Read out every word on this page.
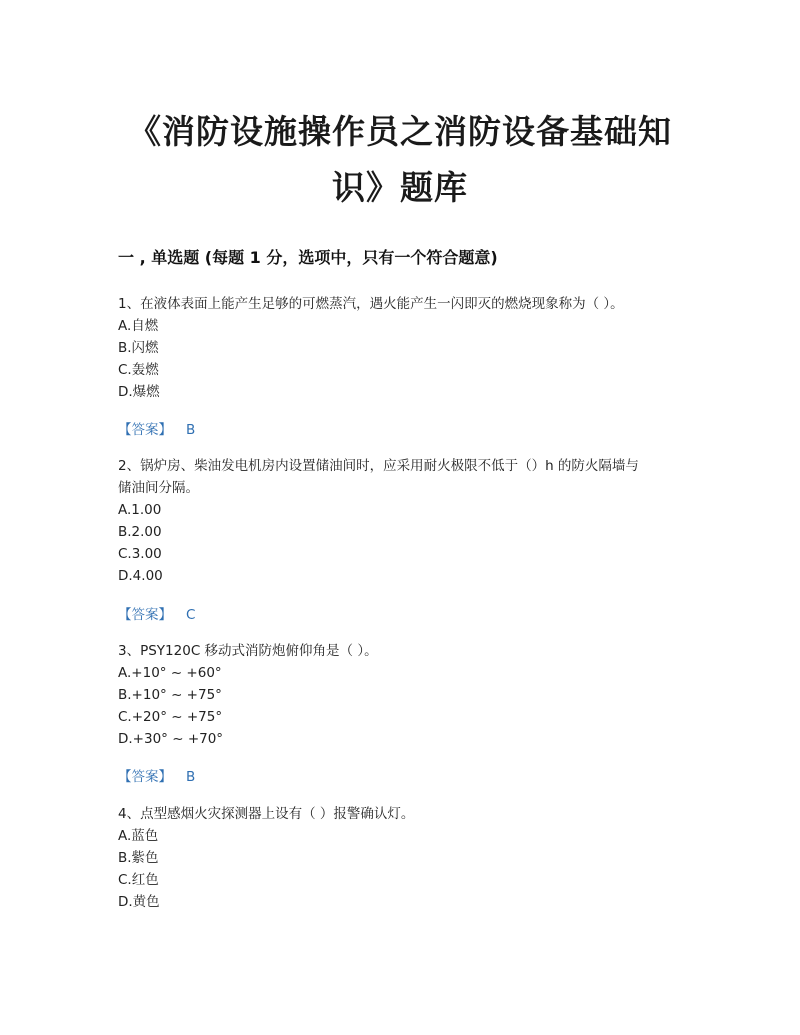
《消防设施操作员之消防设备基础知
识》题库
一 , 单选题 (每题 1 分，选项中，只有一个符合题意)

1、在液体表面上能产生足够的可燃蒸汽，遇火能产生一闪即灭的燃烧现象称为（ ）。

A.自燃

B.闪燃

C.轰燃

D.爆燃

【答案】 B

2、锅炉房、柴油发电机房内设置储油间时，应采用耐火极限不低于（）h 的防火隔墙与

储油间分隔。

A.1.00

B.2.00

C.3.00

D.4.00

【答案】 C

3、PSY120C 移动式消防炮俯仰角是（ ）。

A.+10° ~ +60°

B.+10° ~ +75°

C.+20° ~ +75°

D.+30° ~ +70°

【答案】 B

4、点型感烟火灾探测器上设有（ ）报警确认灯。

A.蓝色

B.紫色

C.红色

D.黄色
